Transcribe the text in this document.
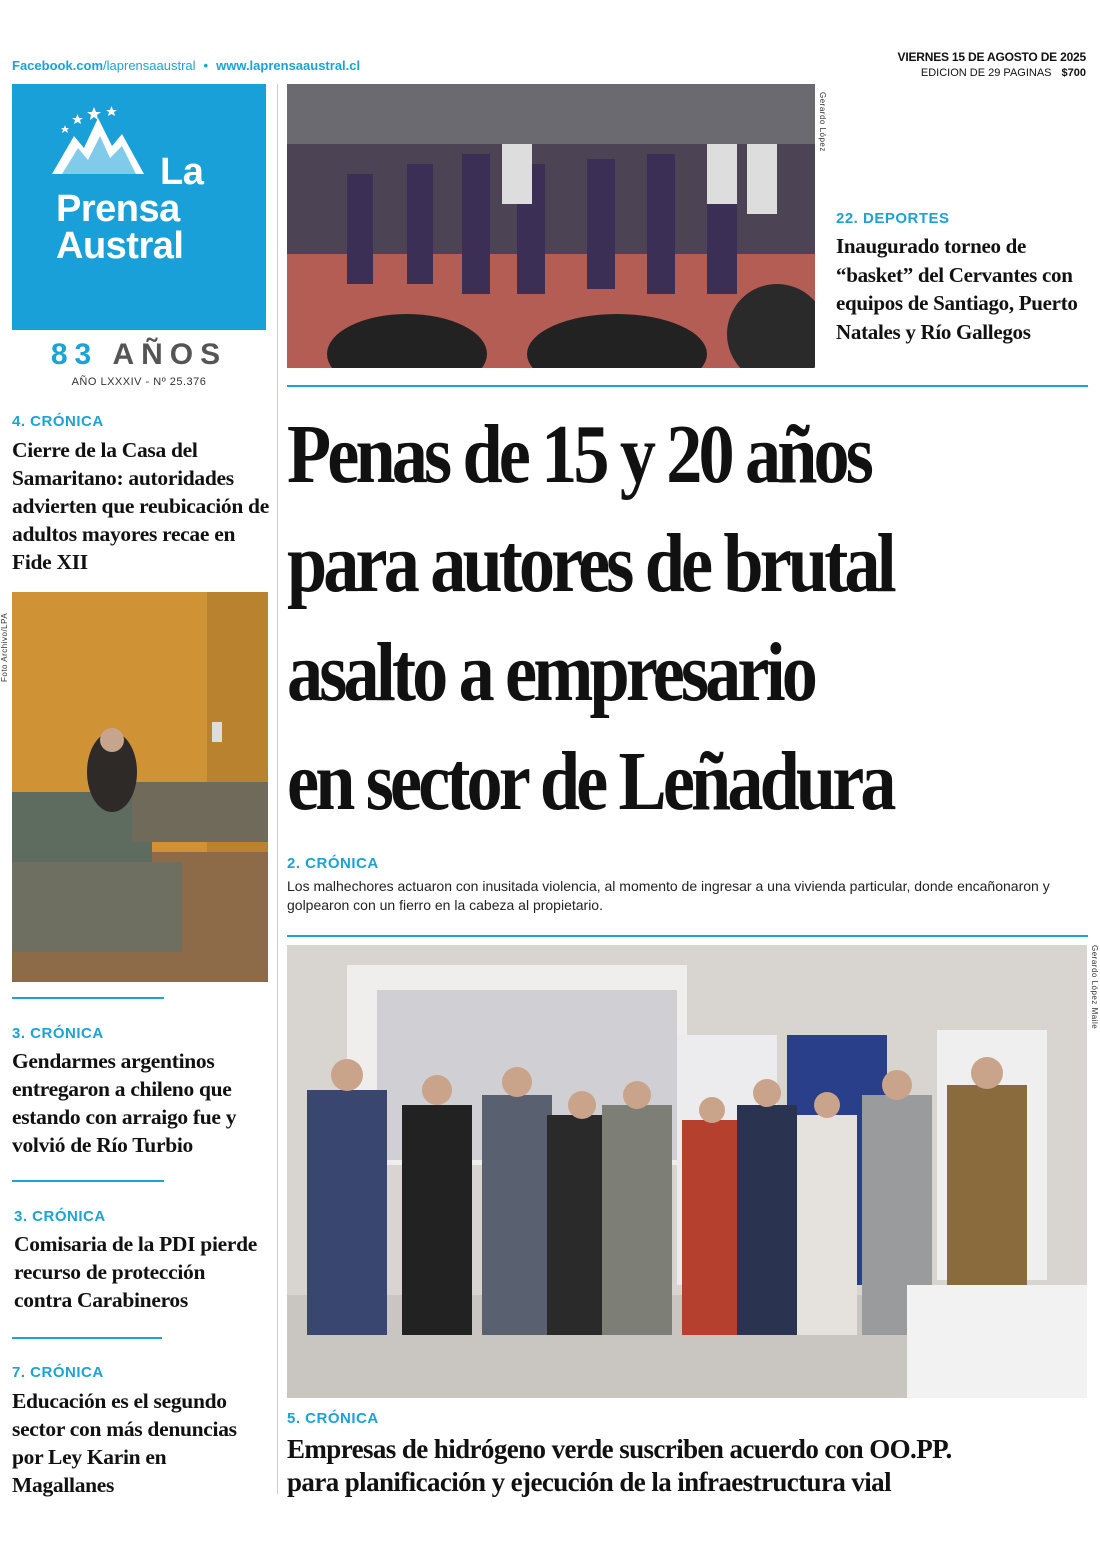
Facebook.com/laprensaaustral • www.laprensaaustral.cl
VIERNES 15 DE AGOSTO DE 2025
EDICION DE 29 PAGINAS $700
La
Prensa
Austral
83 AÑOS
AÑO LXXXIV - Nº 25.376
4. CRÓNICA
Cierre de la Casa del Samaritano: autoridades advierten que reubicación de adultos mayores recae en Fide XII
Foto Archivo/LPA
3. CRÓNICA
Gendarmes argentinos entregaron a chileno que estando con arraigo fue y volvió de Río Turbio
3. CRÓNICA
Comisaria de la PDI pierde recurso de protección contra Carabineros
7. CRÓNICA
Educación es el segundo sector con más denuncias por Ley Karin en Magallanes
Gerardo López
22. DEPORTES
Inaugurado torneo de “basket” del Cervantes con equipos de Santiago, Puerto Natales y Río Gallegos
Penas de 15 y 20 años
para autores de brutal
asalto a empresario
en sector de Leñadura
2. CRÓNICA
Los malhechores actuaron con inusitada violencia, al momento de ingresar a una vivienda particular, donde encañonaron y golpearon con un fierro en la cabeza al propietario.
Gerardo López Maile
5. CRÓNICA
Empresas de hidrógeno verde suscriben acuerdo con OO.PP.
para planificación y ejecución de la infraestructura vial
